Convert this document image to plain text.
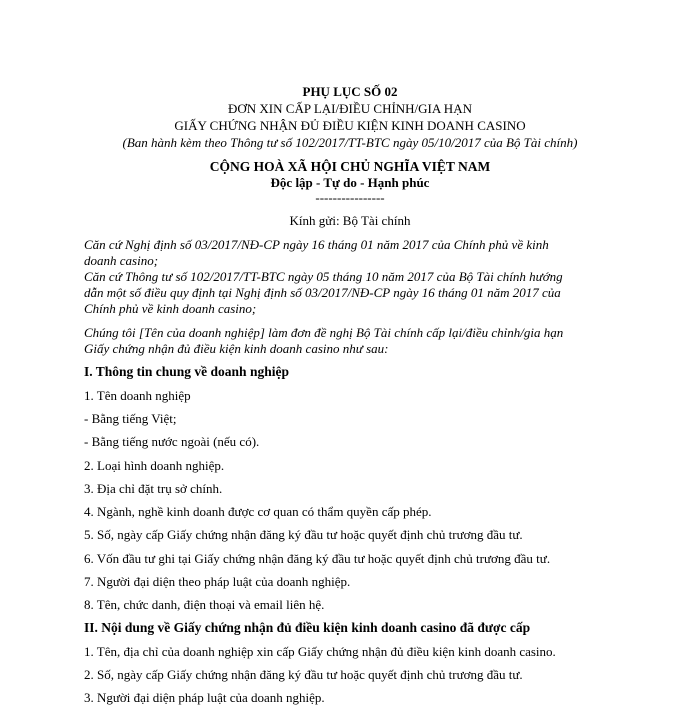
PHỤ LỤC SỐ 02
ĐƠN XIN CẤP LẠI/ĐIỀU CHỈNH/GIA HẠN
GIẤY CHỨNG NHẬN ĐỦ ĐIỀU KIỆN KINH DOANH CASINO
(Ban hành kèm theo Thông tư số 102/2017/TT-BTC ngày 05/10/2017 của Bộ Tài chính)
CỘNG HOÀ XÃ HỘI CHỦ NGHĨA VIỆT NAM
Độc lập - Tự do - Hạnh phúc
----------------
Kính gửi: Bộ Tài chính
Căn cứ Nghị định số 03/2017/NĐ-CP ngày 16 tháng 01 năm 2017 của Chính phủ về kinh
doanh casino;
Căn cứ Thông tư số 102/2017/TT-BTC ngày 05 tháng 10 năm 2017 của Bộ Tài chính hướng
dẫn một số điều quy định tại Nghị định số 03/2017/NĐ-CP ngày 16 tháng 01 năm 2017 của
Chính phủ về kinh doanh casino;
Chúng tôi [Tên của doanh nghiệp] làm đơn đề nghị Bộ Tài chính cấp lại/điều chỉnh/gia hạn
Giấy chứng nhận đủ điều kiện kinh doanh casino như sau:
I. Thông tin chung về doanh nghiệp
1. Tên doanh nghiệp
- Bằng tiếng Việt;
- Bằng tiếng nước ngoài (nếu có).
2. Loại hình doanh nghiệp.
3. Địa chỉ đặt trụ sở chính.
4. Ngành, nghề kinh doanh được cơ quan có thẩm quyền cấp phép.
5. Số, ngày cấp Giấy chứng nhận đăng ký đầu tư hoặc quyết định chủ trương đầu tư.
6. Vốn đầu tư ghi tại Giấy chứng nhận đăng ký đầu tư hoặc quyết định chủ trương đầu tư.
7. Người đại diện theo pháp luật của doanh nghiệp.
8. Tên, chức danh, điện thoại và email liên hệ.
II. Nội dung về Giấy chứng nhận đủ điều kiện kinh doanh casino đã được cấp
1. Tên, địa chỉ của doanh nghiệp xin cấp Giấy chứng nhận đủ điều kiện kinh doanh casino.
2. Số, ngày cấp Giấy chứng nhận đăng ký đầu tư hoặc quyết định chủ trương đầu tư.
3. Người đại diện pháp luật của doanh nghiệp.
